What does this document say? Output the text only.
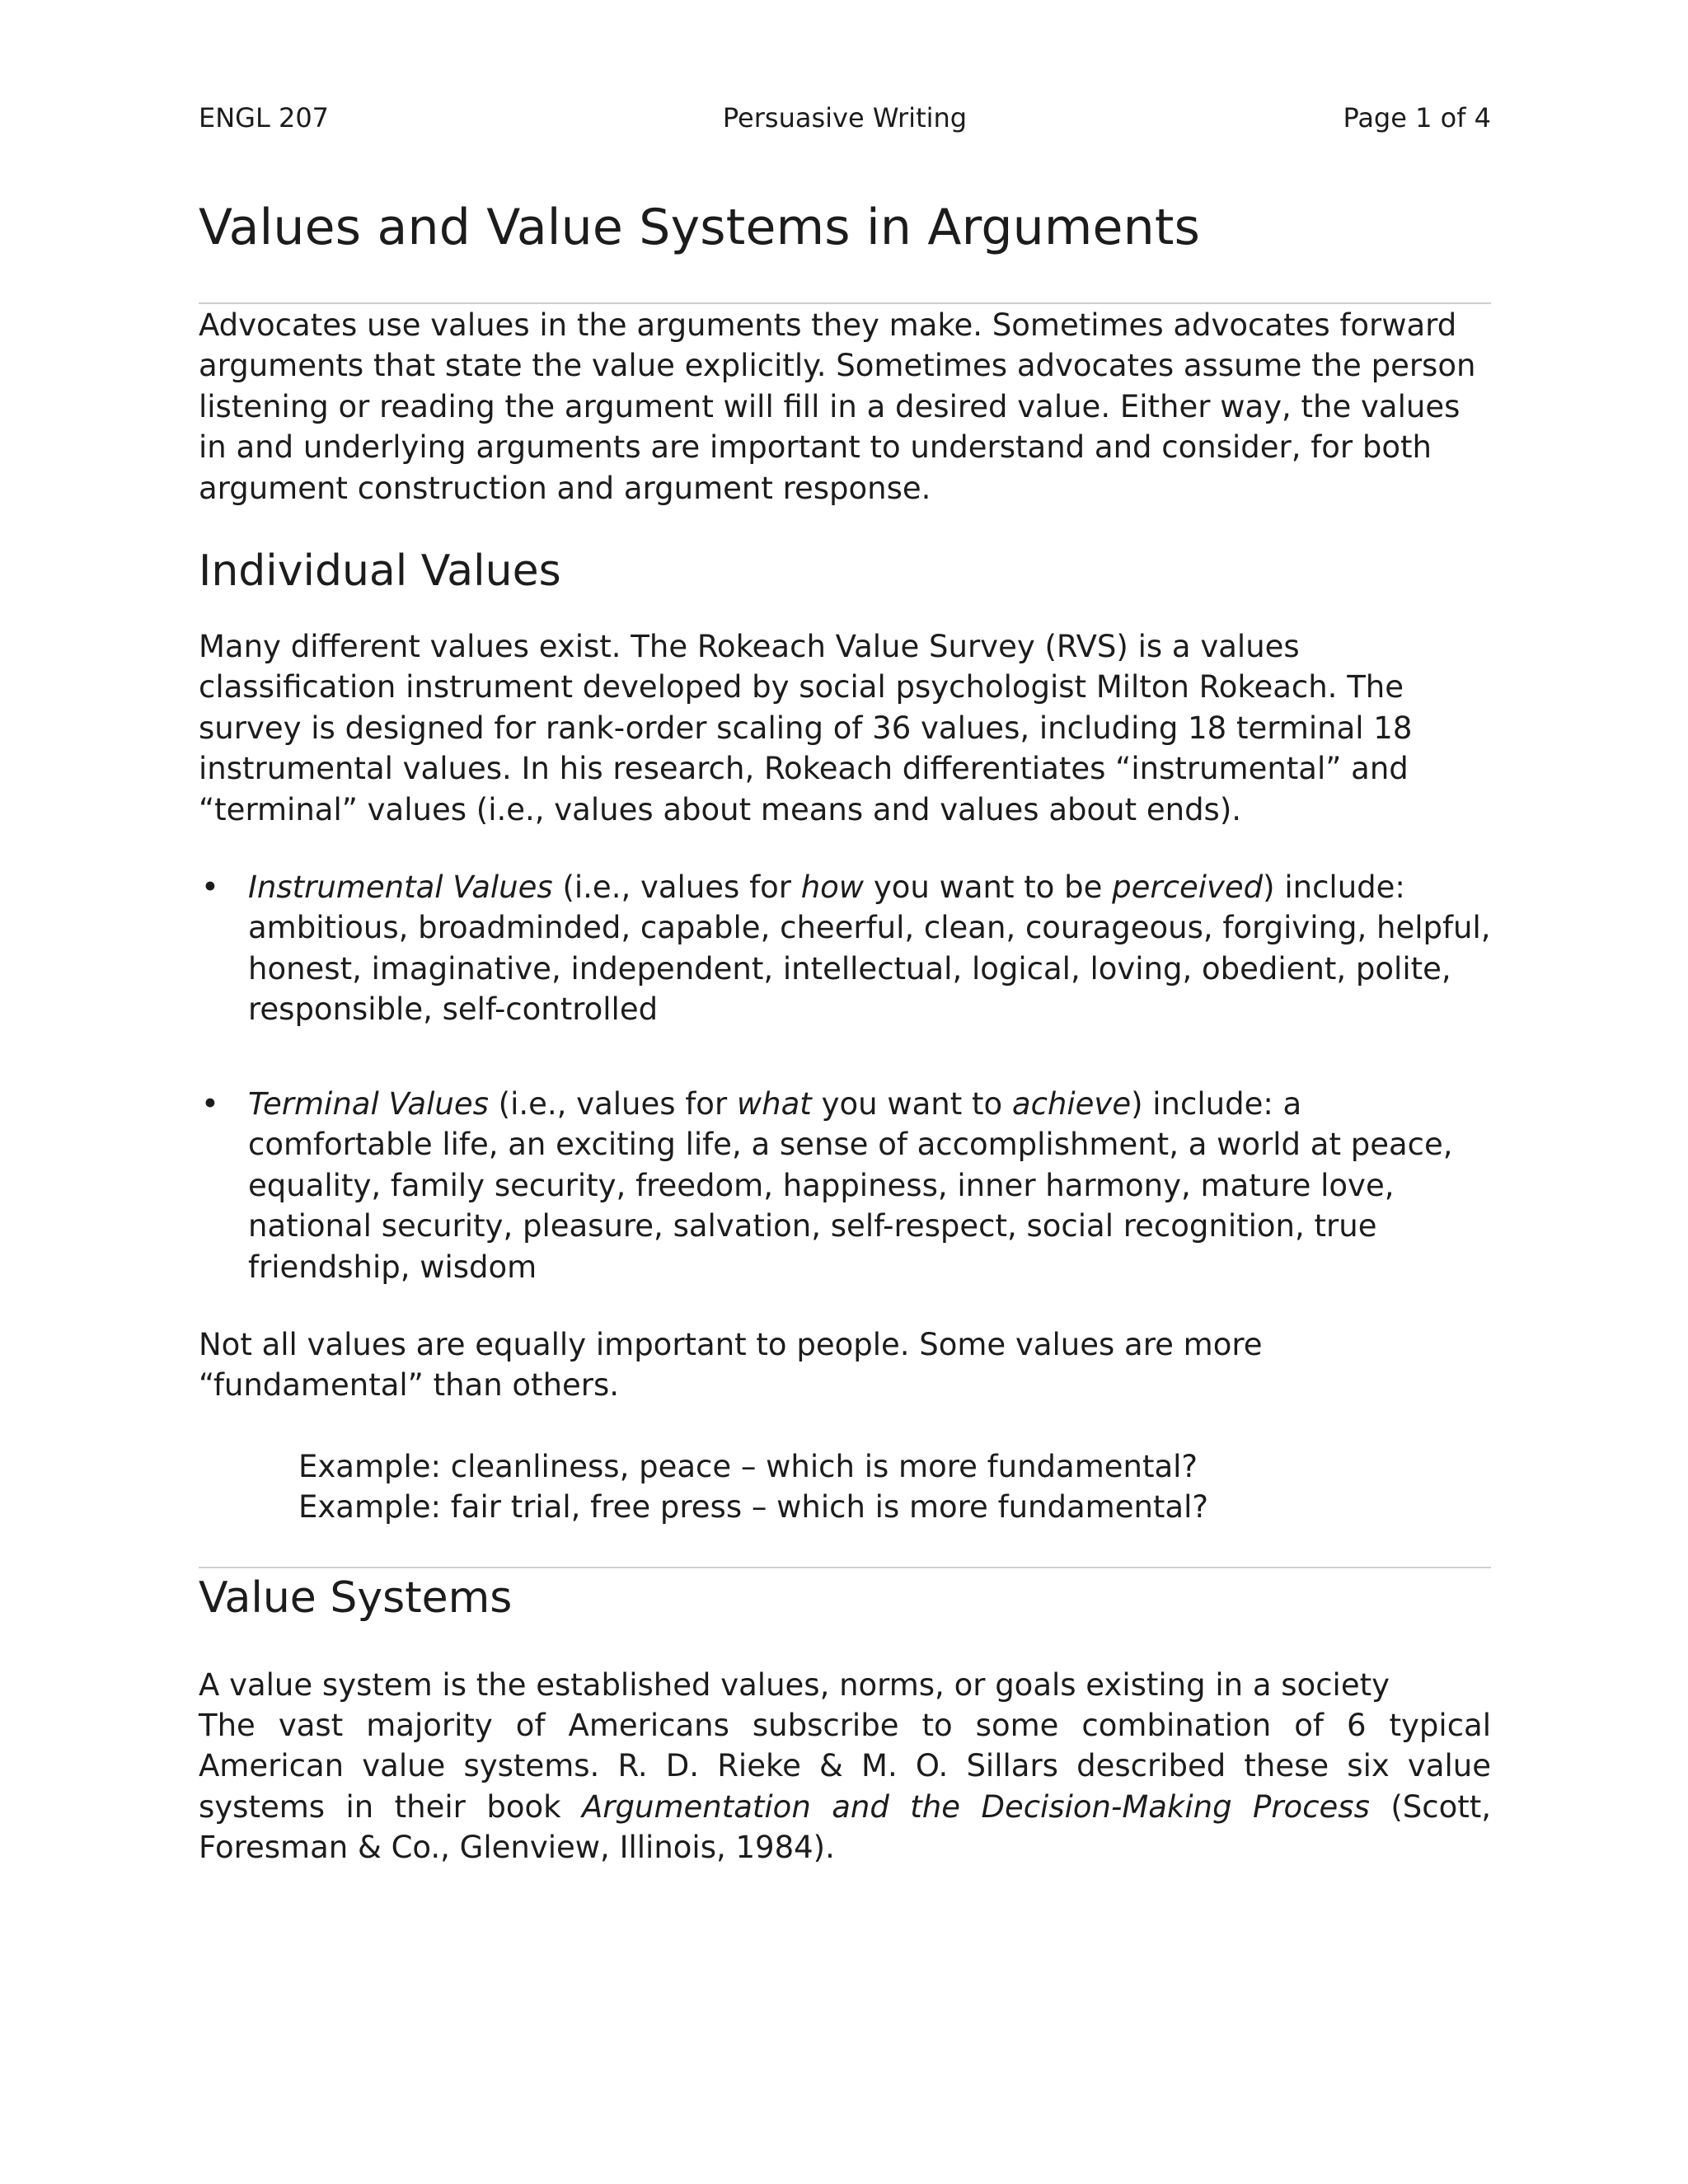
ENGL 207	Persuasive Writing	Page 1 of 4
Values and Value Systems in Arguments

Advocates use values in the arguments they make. Sometimes advocates forward arguments that state the value explicitly. Sometimes advocates assume the person listening or reading the argument will fill in a desired value. Either way, the values in and underlying arguments are important to understand and consider, for both argument construction and argument response.

Individual Values

Many different values exist. The Rokeach Value Survey (RVS) is a values classification instrument developed by social psychologist Milton Rokeach. The survey is designed for rank-order scaling of 36 values, including 18 terminal 18 instrumental values. In his research, Rokeach differentiates “instrumental” and “terminal” values (i.e., values about means and values about ends).

• Instrumental Values (i.e., values for how you want to be perceived) include: ambitious, broadminded, capable, cheerful, clean, courageous, forgiving, helpful, honest, imaginative, independent, intellectual, logical, loving, obedient, polite, responsible, self-controlled
• Terminal Values (i.e., values for what you want to achieve) include: a comfortable life, an exciting life, a sense of accomplishment, a world at peace, equality, family security, freedom, happiness, inner harmony, mature love, national security, pleasure, salvation, self-respect, social recognition, true friendship, wisdom

Not all values are equally important to people. Some values are more “fundamental” than others.

Example: cleanliness, peace – which is more fundamental?
Example: fair trial, free press – which is more fundamental?
Value Systems

A value system is the established values, norms, or goals existing in a society

The vast majority of Americans subscribe to some combination of 6 typical American value systems. R. D. Rieke & M. O. Sillars described these six value systems in their book Argumentation and the Decision-Making Process (Scott, Foresman & Co., Glenview, Illinois, 1984).
